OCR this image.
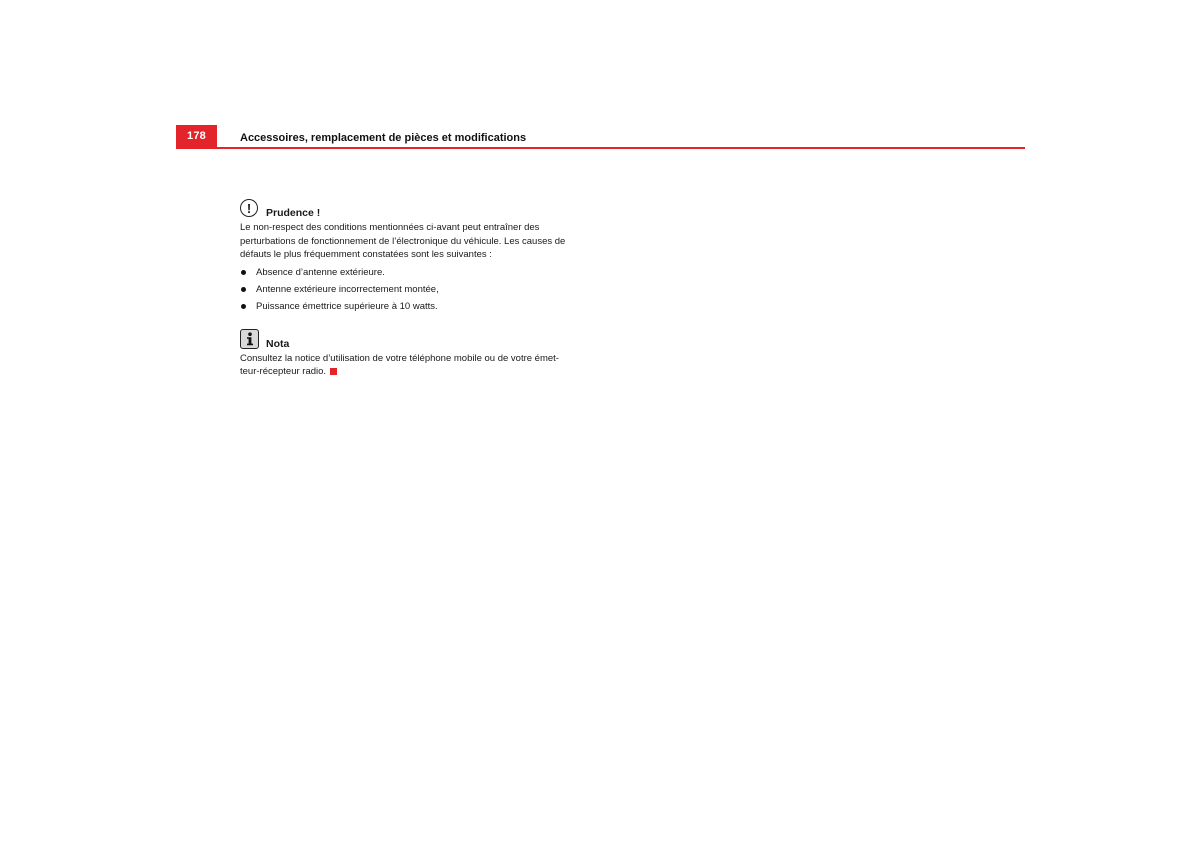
178	Accessoires, remplacement de pièces et modifications
!	Prudence !

Le non-respect des conditions mentionnées ci-avant peut entraîner des perturbations de fonctionnement de l’électronique du véhicule. Les causes de défauts le plus fréquemment constatées sont les suivantes :

Absence d’antenne extérieure.
Antenne extérieure incorrectement montée,
Puissance émettrice supérieure à 10 watts.
Nota

Consultez la notice d’utilisation de votre téléphone mobile ou de votre émet-
teur-récepteur radio.
